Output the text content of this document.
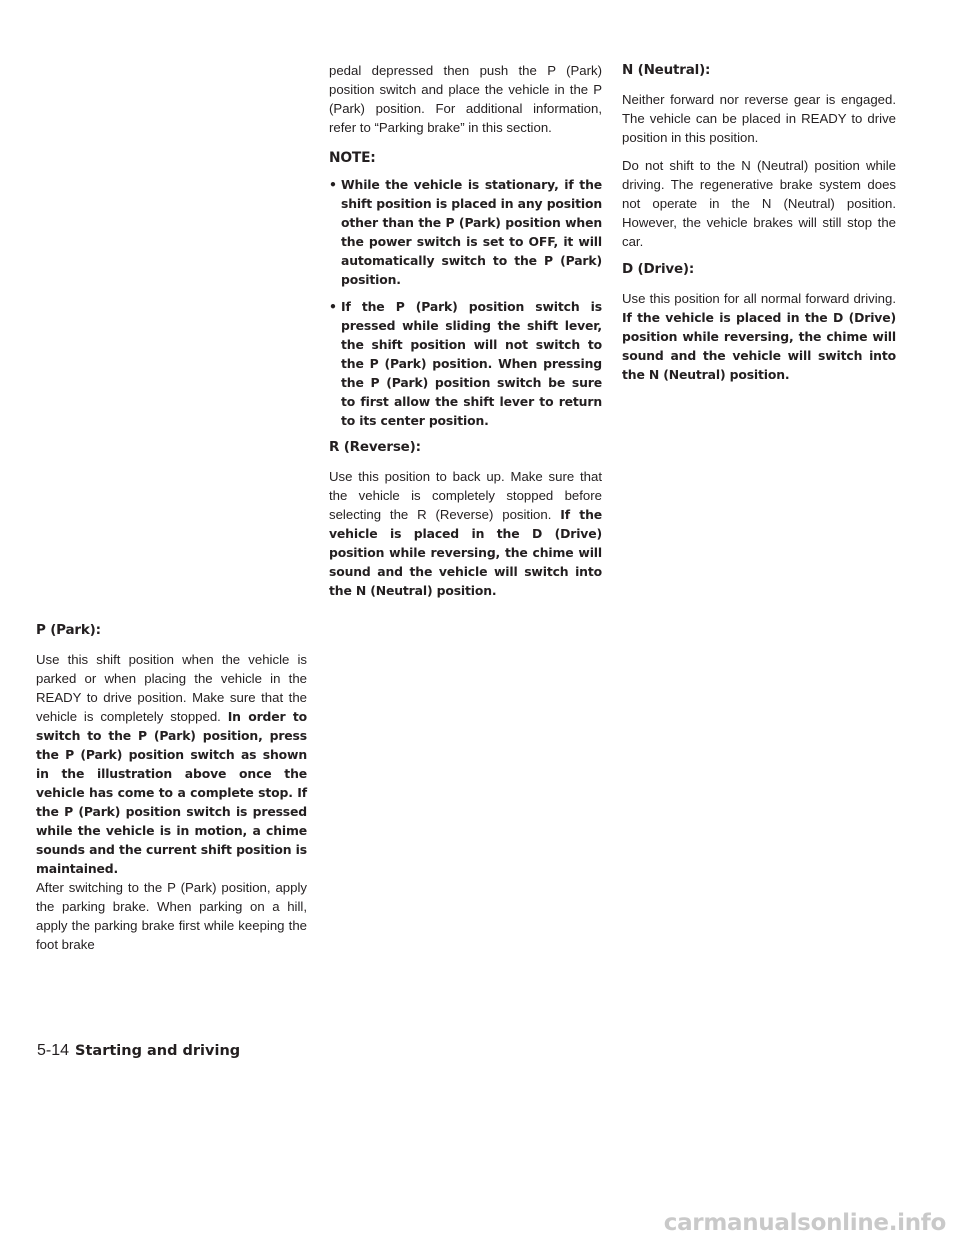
P (Park):

Use this shift position when the vehicle is parked or when placing the vehicle in the READY to drive position. Make sure that the vehicle is completely stopped. In order to switch to the P (Park) position, press the P (Park) position switch as shown in the illustration above once the vehicle has come to a complete stop. If the P (Park) position switch is pressed while the vehicle is in motion, a chime sounds and the current shift position is maintained.

After switching to the P (Park) position, apply the parking brake. When parking on a hill, apply the parking brake first while keeping the foot brake

pedal depressed then push the P (Park) position switch and place the vehicle in the P (Park) position. For additional information, refer to “Parking brake” in this section.

NOTE:
• While the vehicle is stationary, if the shift position is placed in any position other than the P (Park) position when the power switch is set to OFF, it will automatically switch to the P (Park) position.
• If the P (Park) position switch is pressed while sliding the shift lever, the shift position will not switch to the P (Park) position. When pressing the P (Park) position switch be sure to first allow the shift lever to return to its center position.
R (Reverse):

Use this position to back up. Make sure that the vehicle is completely stopped before selecting the R (Reverse) position. If the vehicle is placed in the D (Drive) position while reversing, the chime will sound and the vehicle will switch into the N (Neutral) position.

N (Neutral):

Neither forward nor reverse gear is engaged. The vehicle can be placed in READY to drive position in this position.

Do not shift to the N (Neutral) position while driving. The regenerative brake system does not operate in the N (Neutral) position. However, the vehicle brakes will still stop the car.

D (Drive):

Use this position for all normal forward driving. If the vehicle is placed in the D (Drive) position while reversing, the chime will sound and the vehicle will switch into the N (Neutral) position.

5-14 Starting and driving
carmanualsonline.info
